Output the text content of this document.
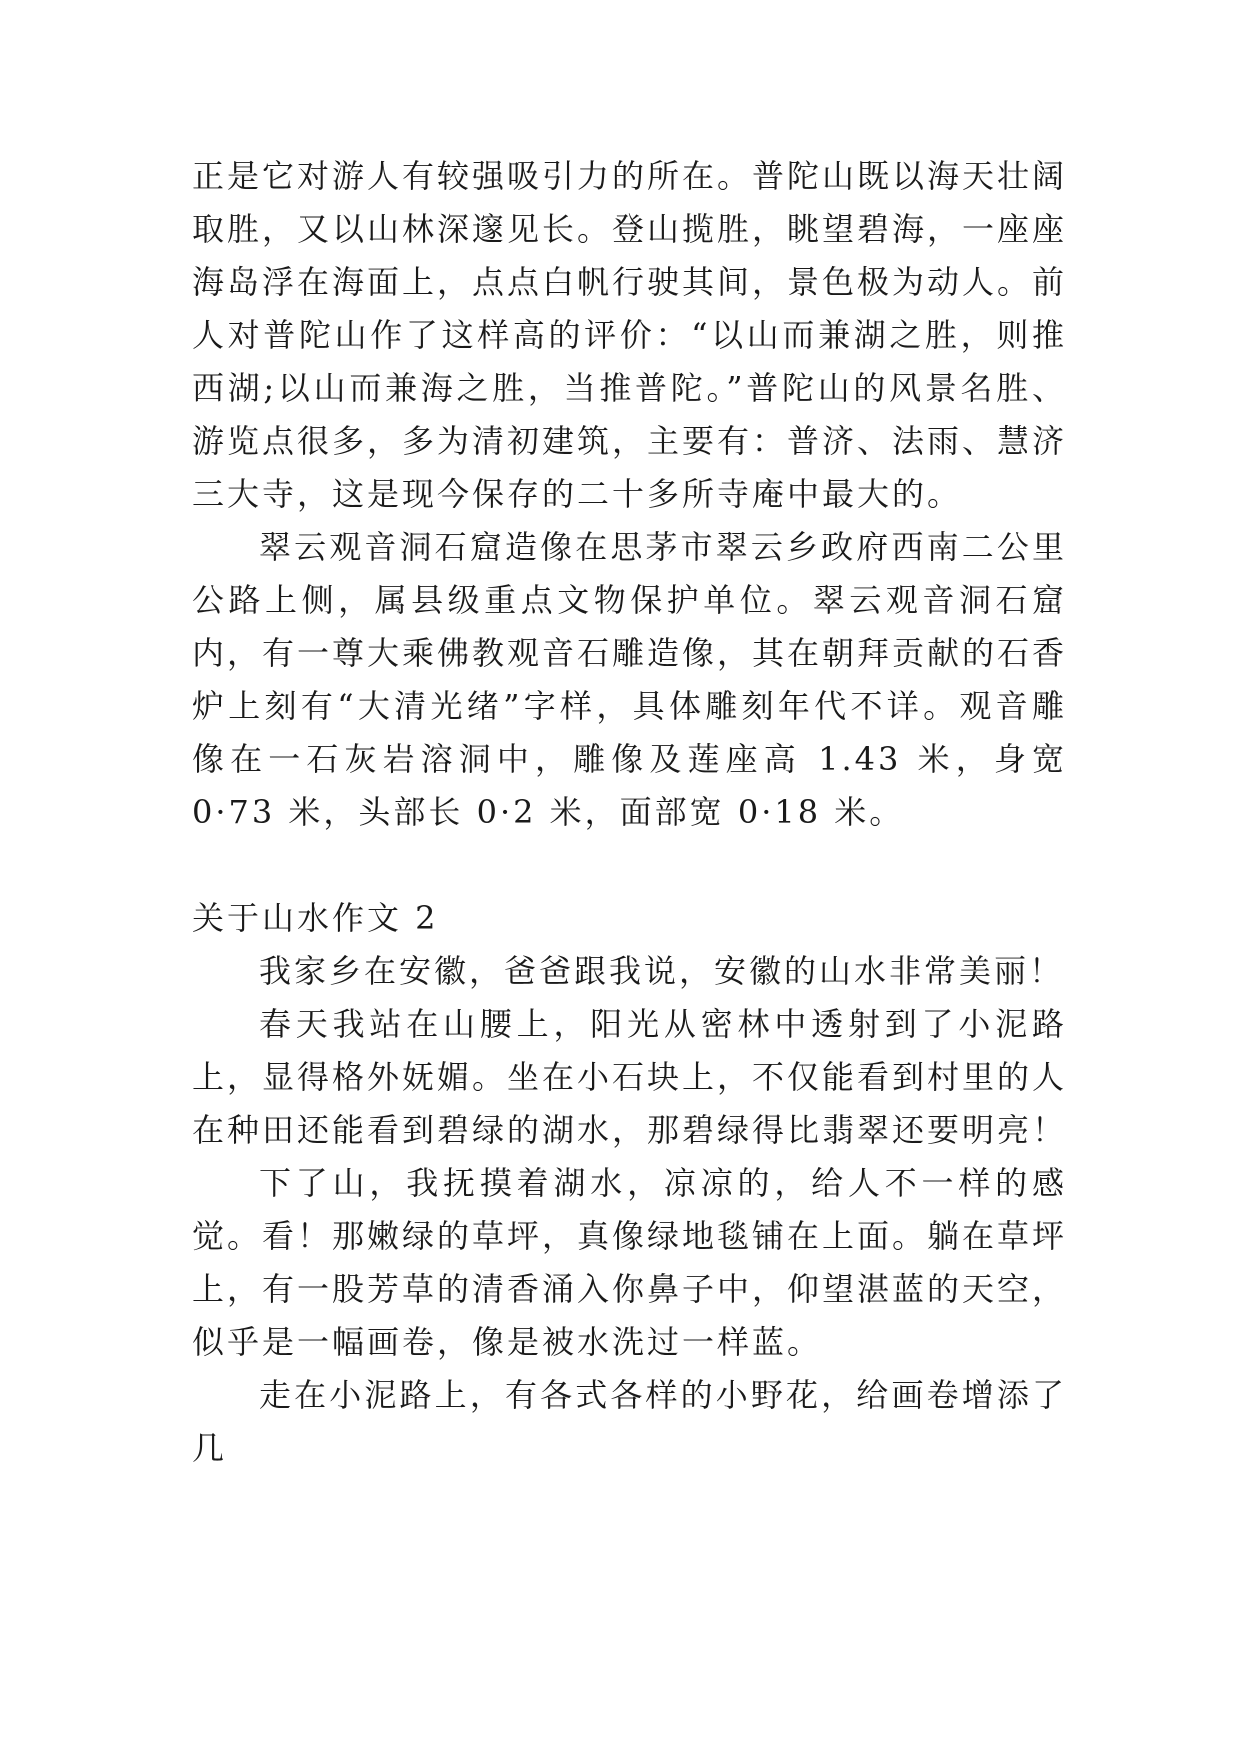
正是它对游人有较强吸引力的所在。普陀山既以海天壮阔取胜，又以山林深邃见长。登山揽胜，眺望碧海，一座座海岛浮在海面上，点点白帆行驶其间，景色极为动人。前人对普陀山作了这样高的评价：“以山而兼湖之胜，则推西湖;以山而兼海之胜，当推普陀。”普陀山的风景名胜、游览点很多，多为清初建筑，主要有：普济、法雨、慧济三大寺，这是现今保存的二十多所寺庵中最大的。

翠云观音洞石窟造像在思茅市翠云乡政府西南二公里公路上侧，属县级重点文物保护单位。翠云观音洞石窟内，有一尊大乘佛教观音石雕造像，其在朝拜贡献的石香炉上刻有“大清光绪”字样，具体雕刻年代不详。观音雕像在一石灰岩溶洞中，雕像及莲座高 1.43 米，身宽 0·73 米，头部长 0·2 米，面部宽 0·18 米。

关于山水作文 2

我家乡在安徽，爸爸跟我说，安徽的山水非常美丽！

春天我站在山腰上，阳光从密林中透射到了小泥路上，显得格外妩媚。坐在小石块上，不仅能看到村里的人在种田还能看到碧绿的湖水，那碧绿得比翡翠还要明亮！

下了山，我抚摸着湖水，凉凉的，给人不一样的感觉。看！那嫩绿的草坪，真像绿地毯铺在上面。躺在草坪上，有一股芳草的清香涌入你鼻子中，仰望湛蓝的天空，似乎是一幅画卷，像是被水洗过一样蓝。

走在小泥路上，有各式各样的小野花，给画卷增添了几
